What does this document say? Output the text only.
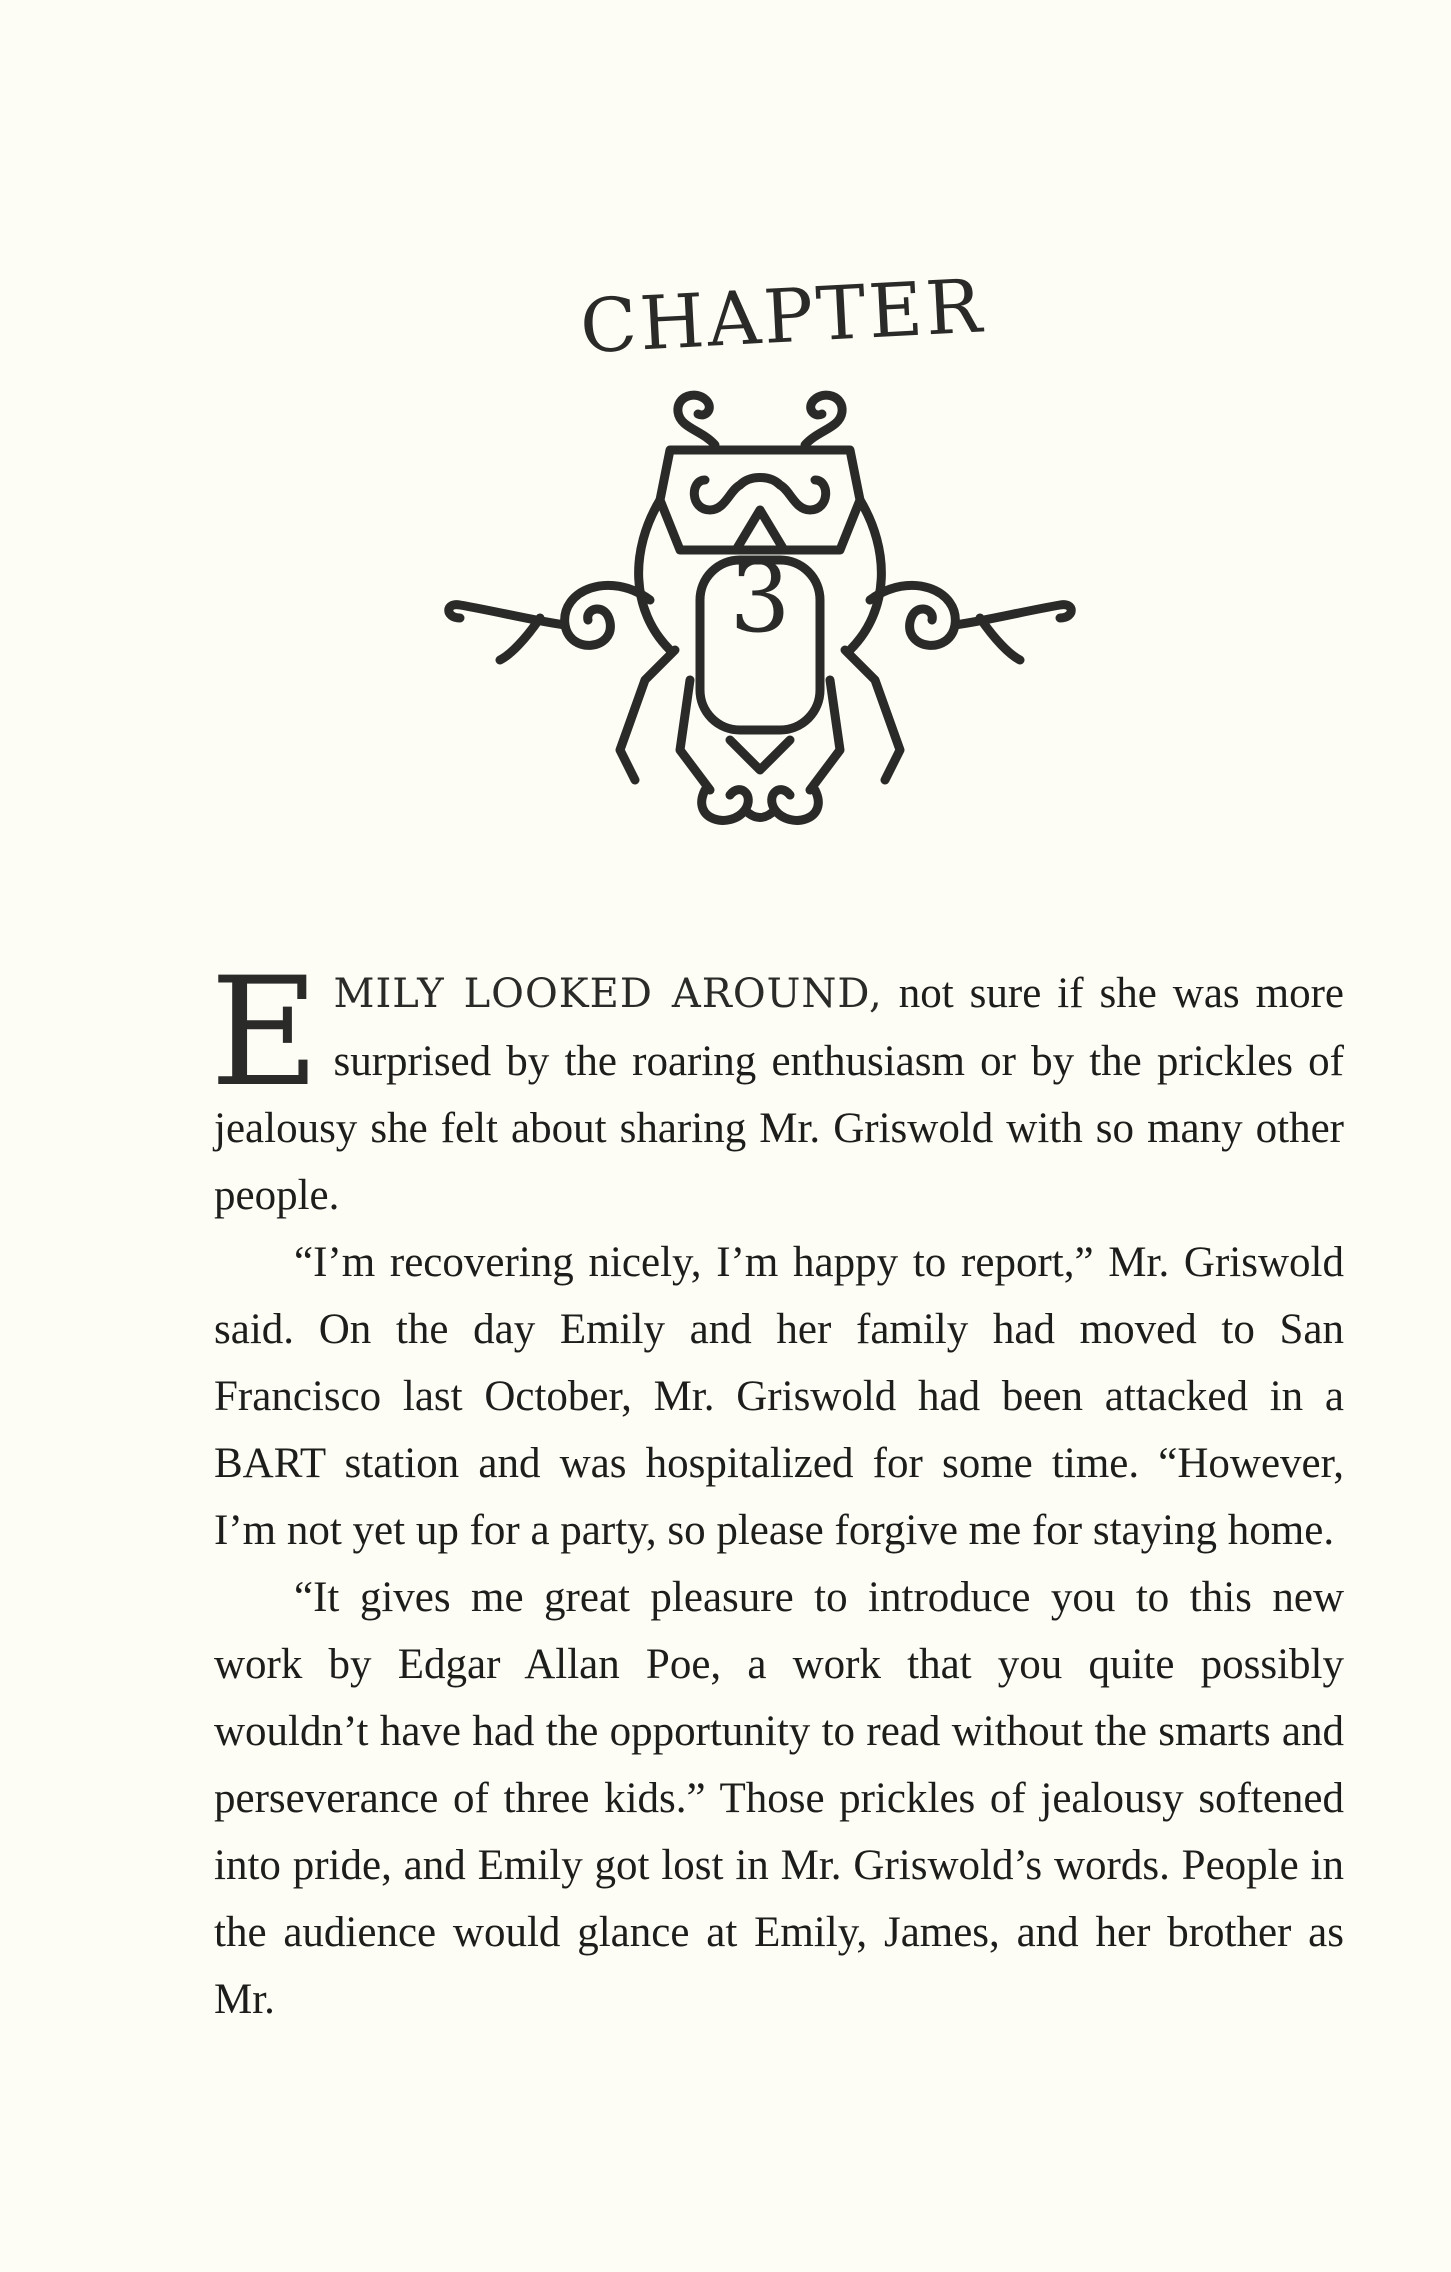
CHAPTER
3

EMILY LOOKED AROUND, not sure if she was more surprised by the roaring enthusiasm or by the prickles of jealousy she felt about sharing Mr. Griswold with so many other people.

“I’m recovering nicely, I’m happy to report,” Mr. Griswold said. On the day Emily and her family had moved to San Francisco last October, Mr. Griswold had been attacked in a BART station and was hospitalized for some time. “However, I’m not yet up for a party, so please forgive me for staying home.

“It gives me great pleasure to introduce you to this new work by Edgar Allan Poe, a work that you quite possibly wouldn’t have had the opportunity to read without the smarts and perseverance of three kids.” Those prickles of jealousy softened into pride, and Emily got lost in Mr. Griswold’s words. People in the audience would glance at Emily, James, and her brother as Mr.
